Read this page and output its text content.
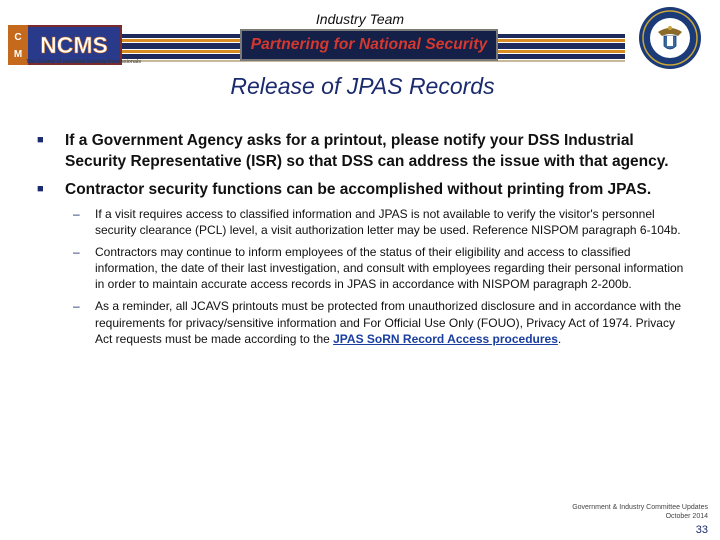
Industry Team
Partnering for National Security
C
M NCMS
The Society of Industrial Security Professionals
Release of JPAS Records
■ If a Government Agency asks for a printout, please notify your DSS Industrial Security Representative (ISR) so that DSS can address the issue with that agency.
■ Contractor security functions can be accomplished without printing from JPAS.
–	If a visit requires access to classified information and JPAS is not available to verify the visitor's personnel security clearance (PCL) level, a visit authorization letter may be used. Reference NISPOM paragraph 6-104b.
–	Contractors may continue to inform employees of the status of their eligibility and access to classified information, the date of their last investigation, and consult with employees regarding their personal information in order to maintain accurate access records in JPAS in accordance with NISPOM paragraph 2-200b.
–	As a reminder, all JCAVS printouts must be protected from unauthorized disclosure and in accordance with the requirements for privacy/sensitive information and For Official Use Only (FOUO), Privacy Act of 1974. Privacy Act requests must be made according to the JPAS SoRN Record Access procedures.
Government & Industry Committee Updates
October 2014
33
